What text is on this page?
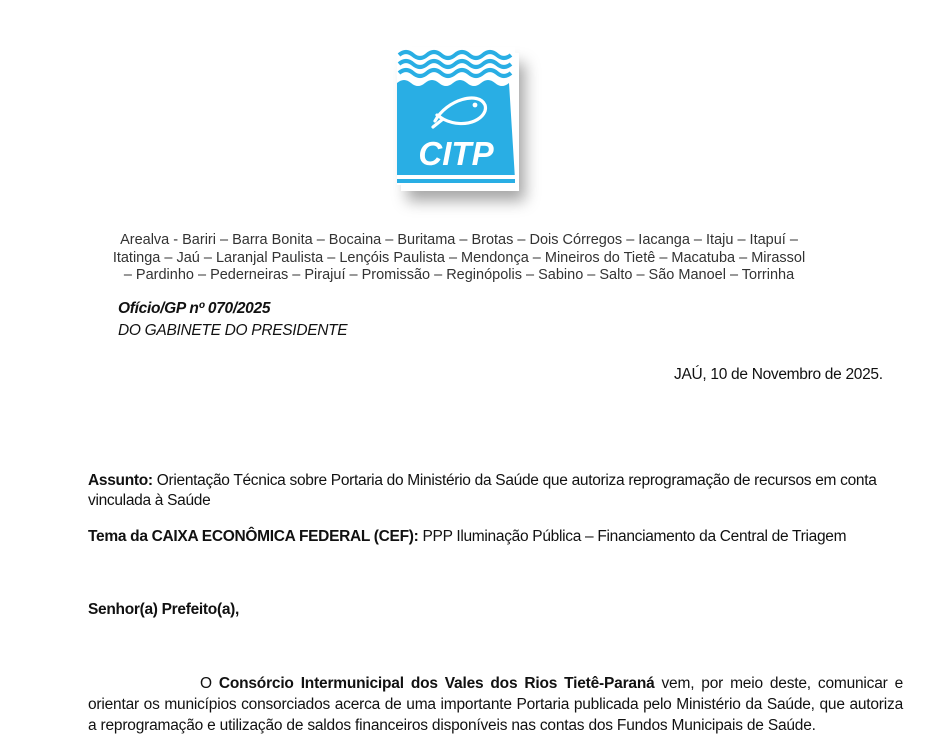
CITP
Arealva - Bariri – Barra Bonita – Bocaina – Buritama – Brotas – Dois Córregos – Iacanga – Itaju – Itapuí –
Itatinga – Jaú – Laranjal Paulista – Lençóis Paulista – Mendonça – Mineiros do Tietê – Macatuba – Mirassol
– Pardinho – Pederneiras – Pirajuí – Promissão – Reginópolis – Sabino – Salto – São Manoel – Torrinha
Ofício/GP nº 070/2025
DO GABINETE DO PRESIDENTE
JAÚ, 10 de Novembro de 2025.
Assunto: Orientação Técnica sobre Portaria do Ministério da Saúde que autoriza reprogramação de recursos em conta vinculada à Saúde
Tema da CAIXA ECONÔMICA FEDERAL (CEF): PPP Iluminação Pública – Financiamento da Central de Triagem
Senhor(a) Prefeito(a),
O Consórcio Intermunicipal dos Vales dos Rios Tietê-Paraná vem, por meio deste, comunicar e orientar os municípios consorciados acerca de uma importante Portaria publicada pelo Ministério da Saúde, que autoriza a reprogramação e utilização de saldos financeiros disponíveis nas contas dos Fundos Municipais de Saúde.
